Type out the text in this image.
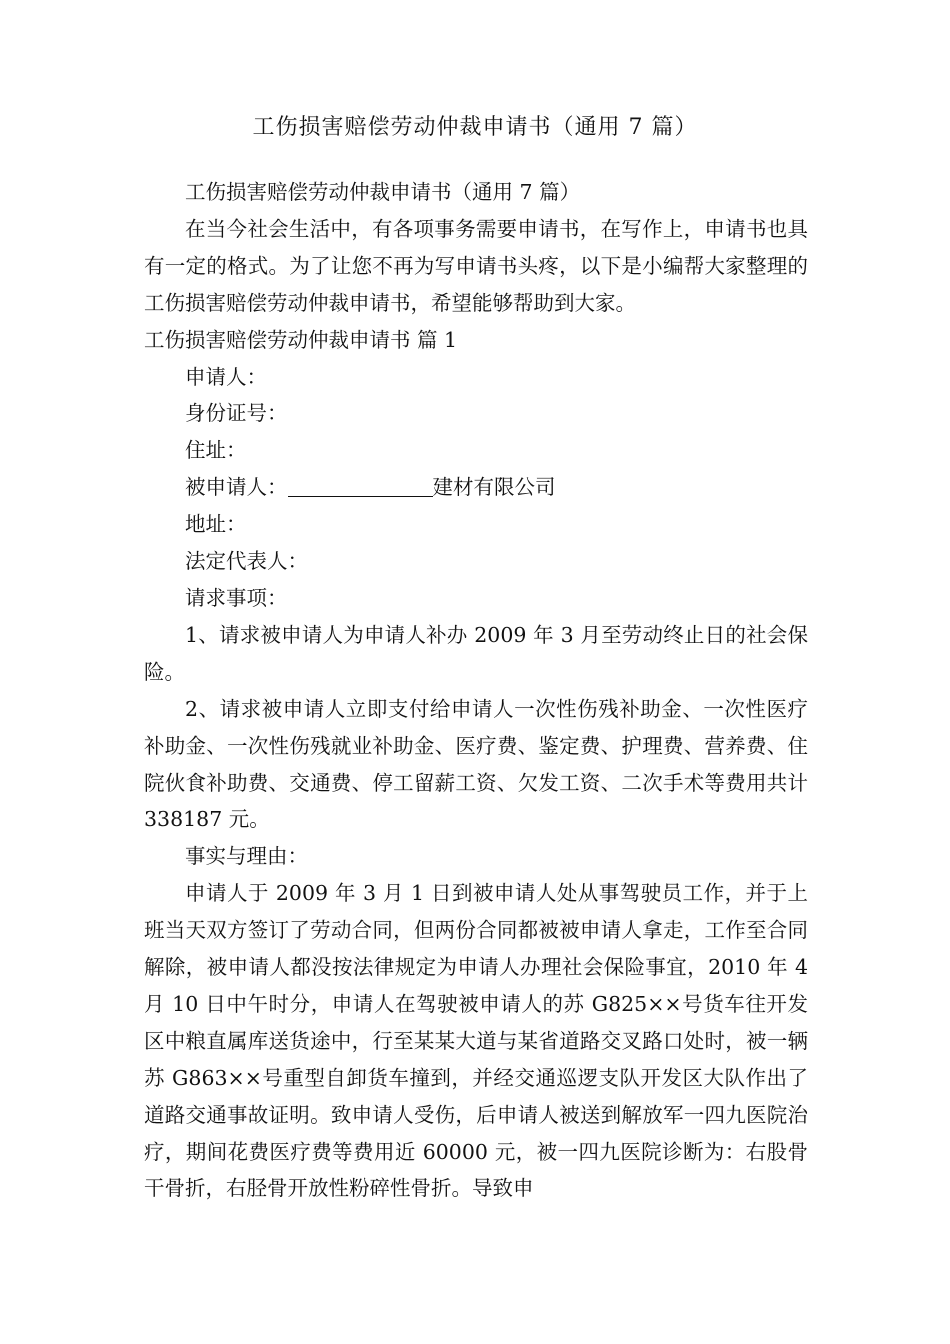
工伤损害赔偿劳动仲裁申请书（通用 7 篇）

工伤损害赔偿劳动仲裁申请书（通用 7 篇）

在当今社会生活中，有各项事务需要申请书，在写作上，申请书也具有一定的格式。为了让您不再为写申请书头疼，以下是小编帮大家整理的工伤损害赔偿劳动仲裁申请书，希望能够帮助到大家。

工伤损害赔偿劳动仲裁申请书 篇 1

申请人：

身份证号：

住址：

被申请人：	建材有限公司

地址：

法定代表人：

请求事项：

1、请求被申请人为申请人补办 2009 年 3 月至劳动终止日的社会保险。

2、请求被申请人立即支付给申请人一次性伤残补助金、一次性医疗补助金、一次性伤残就业补助金、医疗费、鉴定费、护理费、营养费、住院伙食补助费、交通费、停工留薪工资、欠发工资、二次手术等费用共计 338187 元。

事实与理由：

申请人于 2009 年 3 月 1 日到被申请人处从事驾驶员工作，并于上班当天双方签订了劳动合同，但两份合同都被被申请人拿走，工作至合同解除，被申请人都没按法律规定为申请人办理社会保险事宜，2010 年 4 月 10 日中午时分，申请人在驾驶被申请人的苏 G825××号货车往开发区中粮直属库送货途中，行至某某大道与某省道路交叉路口处时，被一辆苏 G863××号重型自卸货车撞到，并经交通巡逻支队开发区大队作出了道路交通事故证明。致申请人受伤，后申请人被送到解放军一四九医院治疗，期间花费医疗费等费用近 60000 元，被一四九医院诊断为：右股骨干骨折，右胫骨开放性粉碎性骨折。导致申
